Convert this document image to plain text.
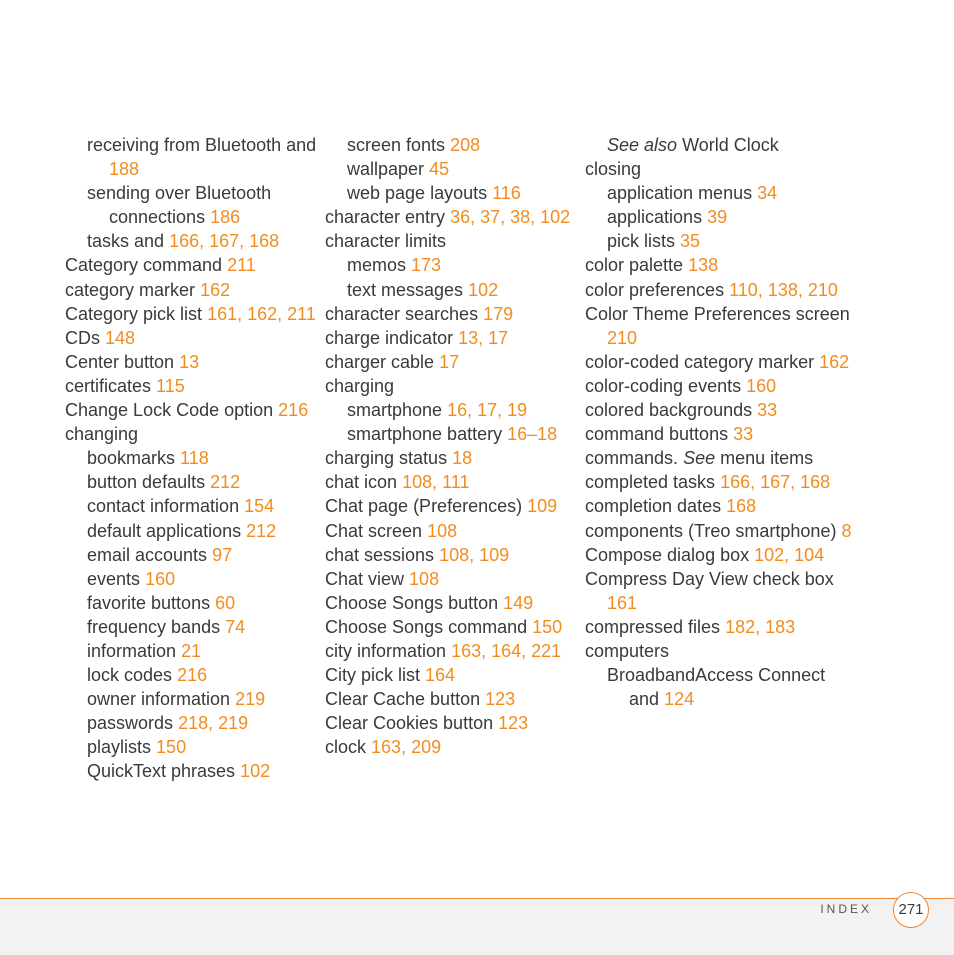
receiving from Bluetooth and 188
sending over Bluetooth connections 186
tasks and 166, 167, 168
Category command 211
category marker 162
Category pick list 161, 162, 211
CDs 148
Center button 13
certificates 115
Change Lock Code option 216
changing
bookmarks 118
button defaults 212
contact information 154
default applications 212
email accounts 97
events 160
favorite buttons 60
frequency bands 74
information 21
lock codes 216
owner information 219
passwords 218, 219
playlists 150
QuickText phrases 102
screen fonts 208
wallpaper 45
web page layouts 116
character entry 36, 37, 38, 102
character limits
memos 173
text messages 102
character searches 179
charge indicator 13, 17
charger cable 17
charging
smartphone 16, 17, 19
smartphone battery 16–18
charging status 18
chat icon 108, 111
Chat page (Preferences) 109
Chat screen 108
chat sessions 108, 109
Chat view 108
Choose Songs button 149
Choose Songs command 150
city information 163, 164, 221
City pick list 164
Clear Cache button 123
Clear Cookies button 123
clock 163, 209
See also World Clock
closing
application menus 34
applications 39
pick lists 35
color palette 138
color preferences 110, 138, 210
Color Theme Preferences screen 210
color-coded category marker 162
color-coding events 160
colored backgrounds 33
command buttons 33
commands. See menu items
completed tasks 166, 167, 168
completion dates 168
components (Treo smartphone) 8
Compose dialog box 102, 104
Compress Day View check box 161
compressed files 182, 183
computers
BroadbandAccess Connect and 124
INDEX	271
